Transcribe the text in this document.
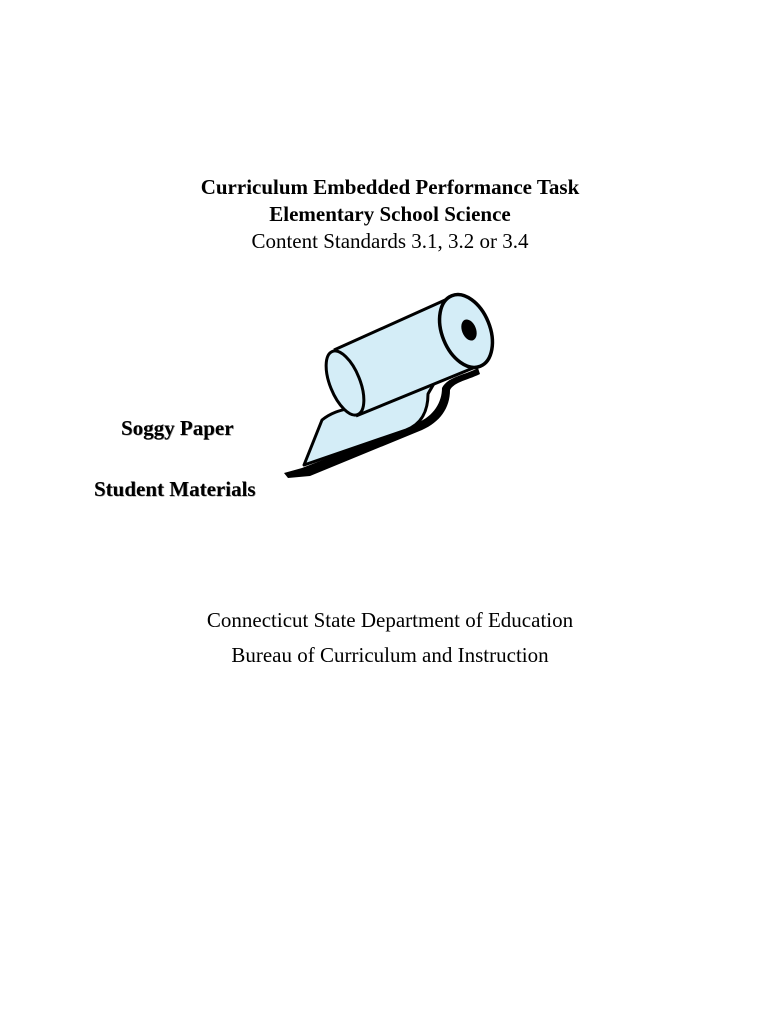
Curriculum Embedded Performance Task
Elementary School Science
Content Standards 3.1, 3.2 or 3.4
Soggy Paper
Student Materials
Connecticut State Department of Education
Bureau of Curriculum and Instruction
